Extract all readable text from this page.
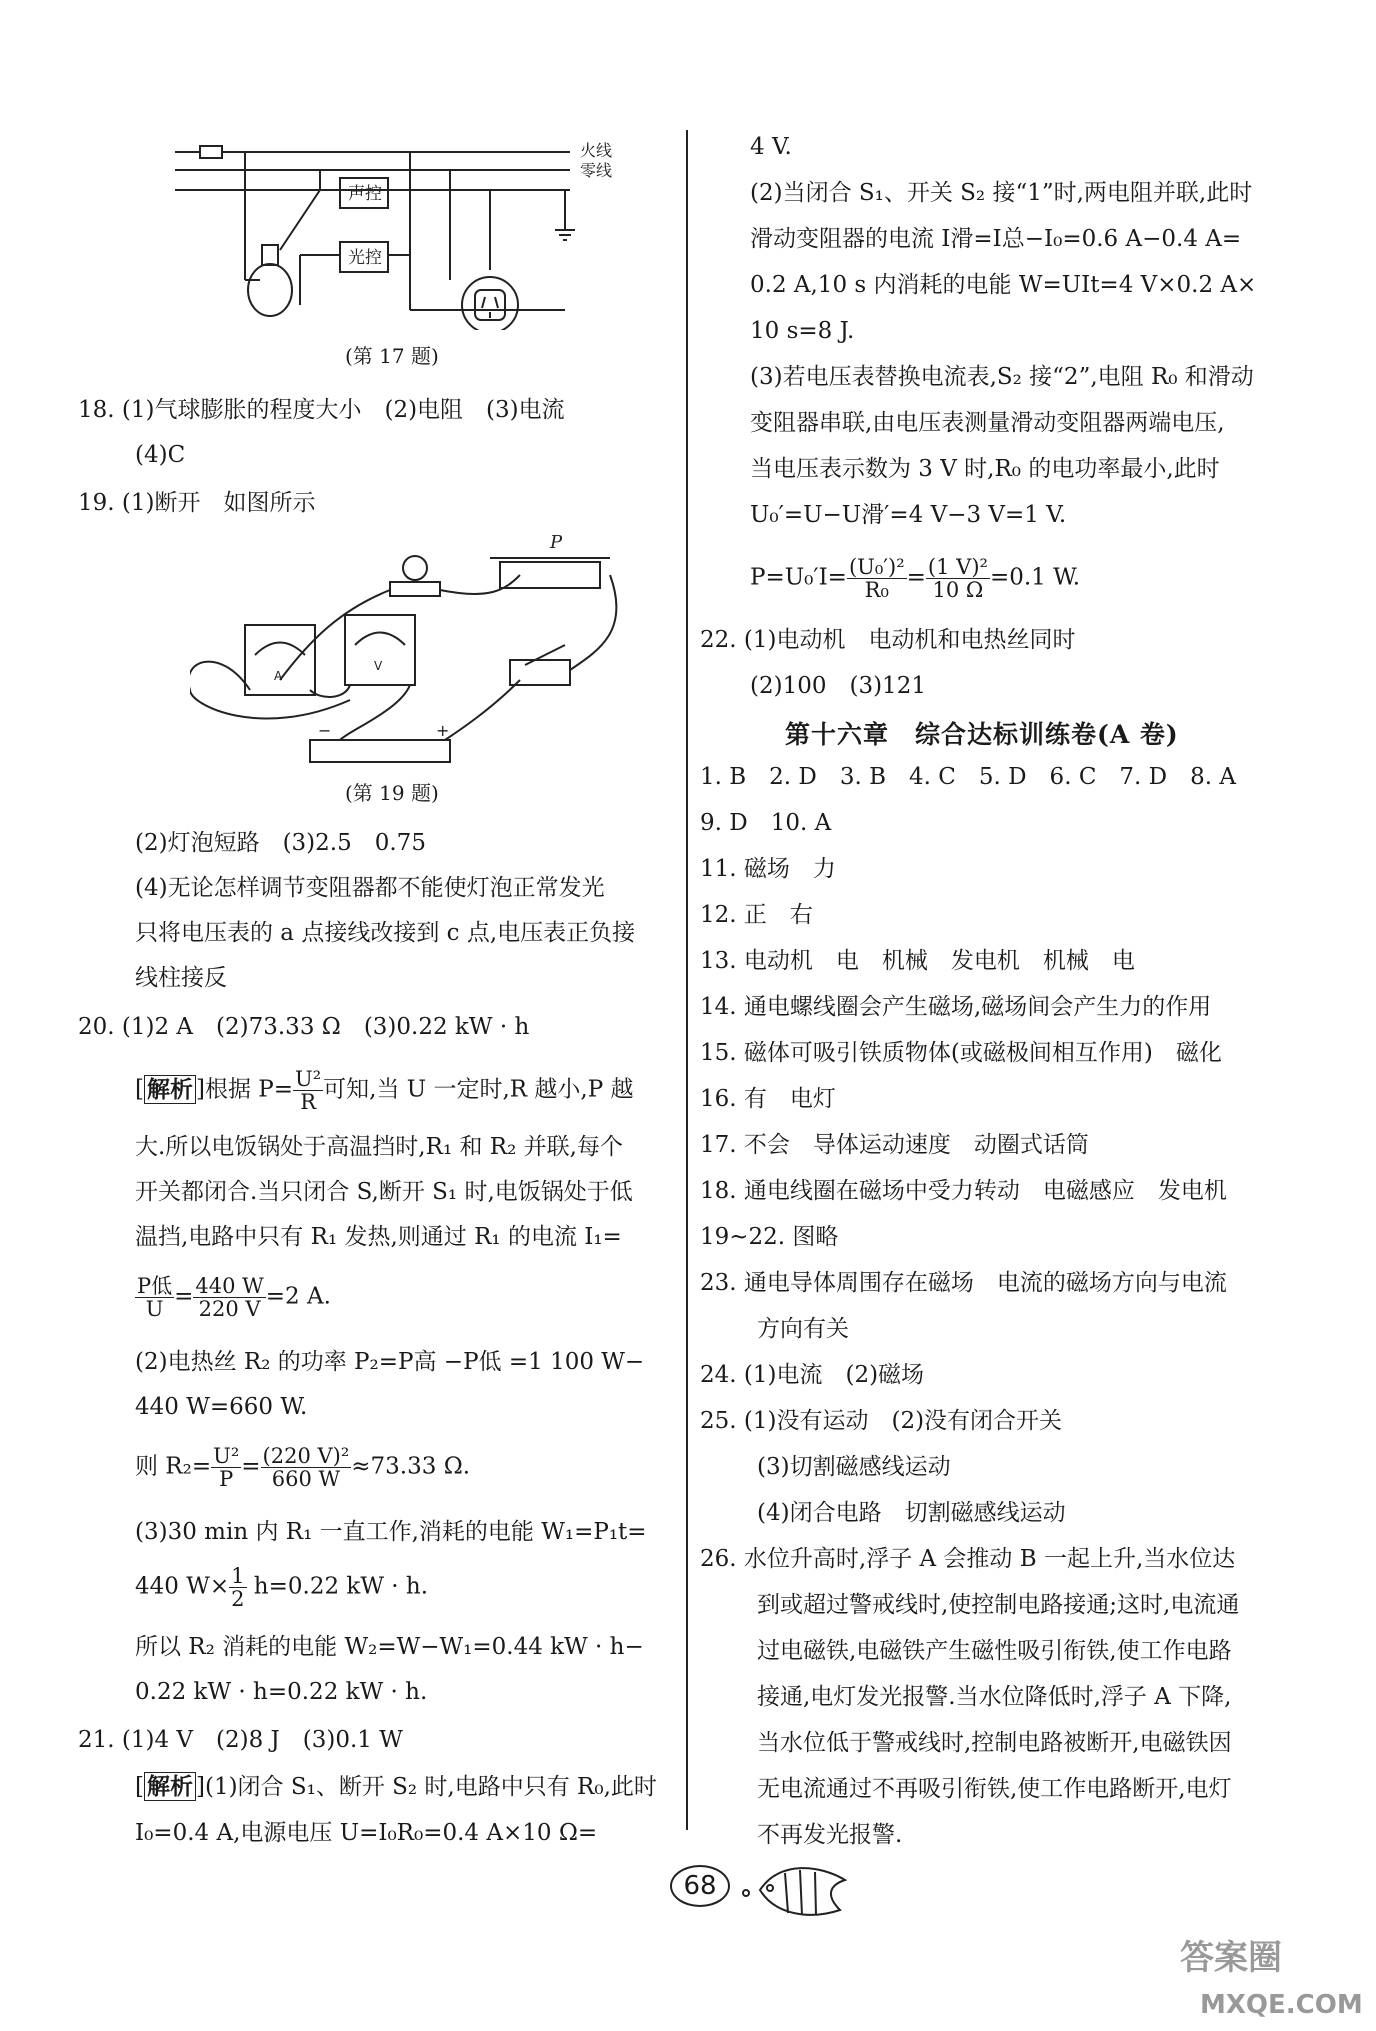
火线
零线
声控
光控
(第 17 题)
18. (1)气球膨胀的程度大小　(2)电阻　(3)电流
(4)C
19. (1)断开　如图所示
P
A
V
−	+
(第 19 题)
(2)灯泡短路　(3)2.5　0.75
(4)无论怎样调节变阻器都不能使灯泡正常发光
只将电压表的 a 点接线改接到 c 点,电压表正负接
线柱接反
20. (1)2 A　(2)73.33 Ω　(3)0.22 kW · h
[ 解析 ]根据 $P= \frac{\text{U²}}{R}$ 可知,当 U 一定时,R 越小,P 越
大.所以电饭锅处于高温挡时,R₁ 和 R₂ 并联,每个
开关都闭合.当只闭合 S,断开 S₁ 时,电饭锅处于低
温挡,电路中只有 R₁ 发热,则通过 R₁ 的电流 I₁=
$\frac{\text{P低}}{U} = \frac{440 W}{220 V} =2$ A.
(2)电热丝 R₂ 的功率 P₂=P高 −P低 =1 100 W−
440 W=660 W.
则 $R_2= \frac{\text{U²}}{P} = \frac{\text{(220 V)²}}{660 W} \approx 73.33$ Ω.
(3)30 min 内 R₁ 一直工作,消耗的电能 W₁=P₁t=
440 $W\times \frac{1}{2} h=0.22$ kW · h.
所以 R₂ 消耗的电能 W₂=W−W₁=0.44 kW · h−
0.22 kW · h=0.22 kW · h.
21. (1)4 V　(2)8 J　(3)0.1 W
[ 解析 ](1)闭合 S₁、断开 S₂ 时,电路中只有 R₀,此时
I₀=0.4 A,电源电压 U=I₀R₀=0.4 A×10 Ω=
4 V.
(2)当闭合 S₁、开关 S₂ 接“1”时,两电阻并联,此时
滑动变阻器的电流 I滑=I总−I₀=0.6 A−0.4 A=
0.2 A,10 s 内消耗的电能 W=UIt=4 V×0.2 A×
10 s=8 J.
(3)若电压表替换电流表,S₂ 接“2”,电阻 R₀ 和滑动
变阻器串联,由电压表测量滑动变阻器两端电压,
当电压表示数为 3 V 时,R₀ 的电功率最小,此时
U₀′=U−U滑′=4 V−3 V=1 V.
$P=U_0'I= \frac{\text{(U₀′)²}}{\text{R₀}} = \frac{\text{(1 V)²}}{10 \Omega} =0.1$ W.
22. (1)电动机　电动机和电热丝同时
(2)100　(3)121
第十六章　综合达标训练卷(A 卷)
1. B　2. D　3. B　4. C　5. D　6. C　7. D　8. A
9. D　10. A
11. 磁场　力
12. 正　右
13. 电动机　电　机械　发电机　机械　电
14. 通电螺线圈会产生磁场,磁场间会产生力的作用
15. 磁体可吸引铁质物体(或磁极间相互作用)　磁化
16. 有　电灯
17. 不会　导体运动速度　动圈式话筒
18. 通电线圈在磁场中受力转动　电磁感应　发电机
19~22. 图略
23. 通电导体周围存在磁场　电流的磁场方向与电流
方向有关
24. (1)电流　(2)磁场
25. (1)没有运动　(2)没有闭合开关
(3)切割磁感线运动
(4)闭合电路　切割磁感线运动
26. 水位升高时,浮子 A 会推动 B 一起上升,当水位达
到或超过警戒线时,使控制电路接通;这时,电流通
过电磁铁,电磁铁产生磁性吸引衔铁,使工作电路
接通,电灯发光报警.当水位降低时,浮子 A 下降,
当水位低于警戒线时,控制电路被断开,电磁铁因
无电流通过不再吸引衔铁,使工作电路断开,电灯
不再发光报警.
68
答案圈
MXQE.COM
